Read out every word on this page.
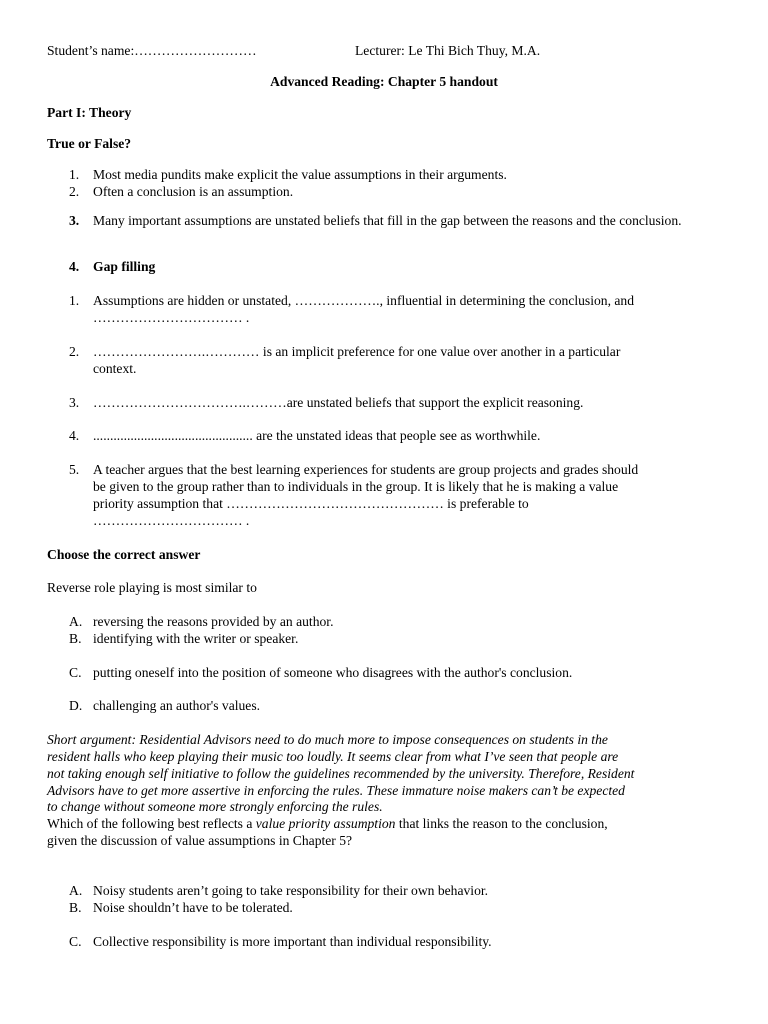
Student’s name:………………………	Lecturer: Le Thi Bich Thuy, M.A.
Advanced Reading: Chapter 5 handout
Part I: Theory
True or False?
1.	Most media pundits make explicit the value assumptions in their arguments.
2.	Often a conclusion is an assumption.
3.	Many important assumptions are unstated beliefs that fill in the gap between the reasons and the conclusion.
4.	Gap filling
1.	Assumptions are hidden or unstated, ………………., influential in determining the conclusion, and
…………………………… .
2.	…………………….………… is an implicit preference for one value over another in a particular
context.
3.	…………………………….………are unstated beliefs that support the explicit reasoning.
4.	............................................... are the unstated ideas that people see as worthwhile.
5.	A teacher argues that the best learning experiences for students are group projects and grades should
be given to the group rather than to individuals in the group. It is likely that he is making a value
priority assumption that ………………………………………… is preferable to
…………………………… .
Choose the correct answer
Reverse role playing is most similar to
A. reversing the reasons provided by an author.
B. identifying with the writer or speaker.
C. putting oneself into the position of someone who disagrees with the author's conclusion.
D. challenging an author's values.
Short argument: Residential Advisors need to do much more to impose consequences on students in the
resident halls who keep playing their music too loudly. It seems clear from what I’ve seen that people are
not taking enough self initiative to follow the guidelines recommended by the university. Therefore, Resident
Advisors have to get more assertive in enforcing the rules. These immature noise makers can’t be expected
to change without someone more strongly enforcing the rules.
Which of the following best reflects a value priority assumption that links the reason to the conclusion,
given the discussion of value assumptions in Chapter 5?
A. Noisy students aren’t going to take responsibility for their own behavior.
B. Noise shouldn’t have to be tolerated.
C. Collective responsibility is more important than individual responsibility.
